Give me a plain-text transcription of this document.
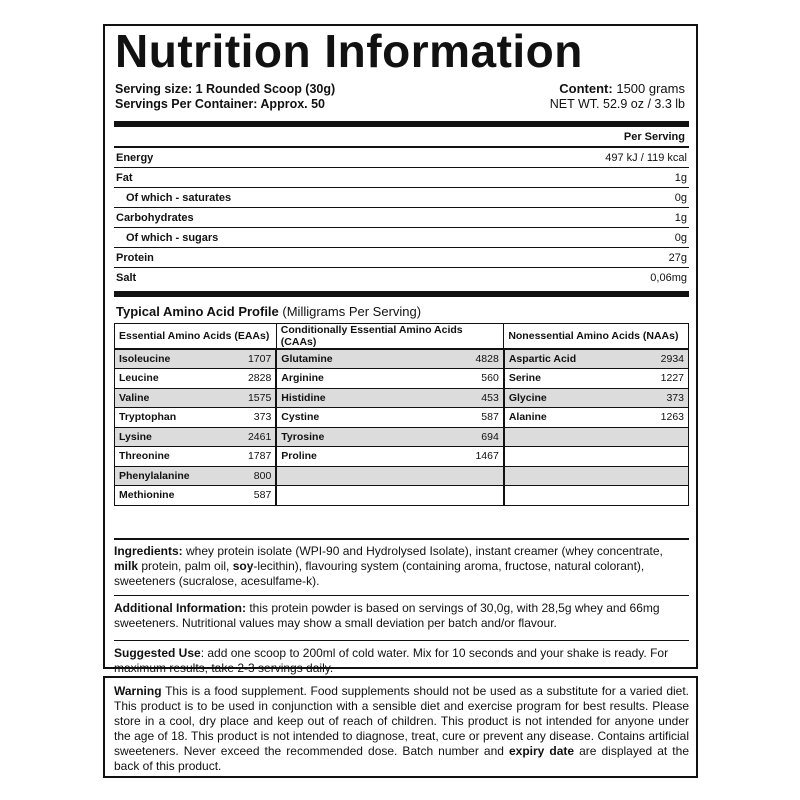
Nutrition Information
Serving size: 1 Rounded Scoop (30g)
Servings Per Container: Approx. 50
Content: 1500 grams
NET WT. 52.9 oz / 3.3 lb
Per Serving
Energy	497 kJ / 119 kcal
Fat	1g
Of which - saturates	0g
Carbohydrates	1g
Of which - sugars	0g
Protein	27g
Salt	0,06mg
Typical Amino Acid Profile (Milligrams Per Serving)
Essential Amino Acids (EAAs)		Conditionally Essential Amino Acids (CAAs)		Nonessential Amino Acids (NAAs)	
Isoleucine	1707	Glutamine	4828	Aspartic Acid	2934
Leucine	2828	Arginine	560	Serine	1227
Valine	1575	Histidine	453	Glycine	373
Tryptophan	373	Cystine	587	Alanine	1263
Lysine	2461	Tyrosine	694		
Threonine	1787	Proline	1467		
Phenylalanine	800				
Methionine	587				
Ingredients: whey protein isolate (WPI-90 and Hydrolysed Isolate), instant creamer (whey concentrate, milk protein, palm oil, soy-lecithin), flavouring system (containing aroma, fructose, natural colorant), sweeteners (sucralose, acesulfame-k).
Additional Information: this protein powder is based on servings of 30,0g, with 28,5g whey and 66mg sweeteners. Nutritional values may show a small deviation per batch and/or flavour.
Suggested Use: add one scoop to 200ml of cold water. Mix for 10 seconds and your shake is ready. For maximum results, take 2-3 servings daily.
Warning This is a food supplement. Food supplements should not be used as a substitute for a varied diet. This product is to be used in conjunction with a sensible diet and exercise program for best results. Please store in a cool, dry place and keep out of reach of children. This product is not intended for anyone under the age of 18. This product is not intended to diagnose, treat, cure or prevent any disease. Contains artificial sweeteners. Never exceed the recommended dose. Batch number and expiry date are displayed at the back of this product.
